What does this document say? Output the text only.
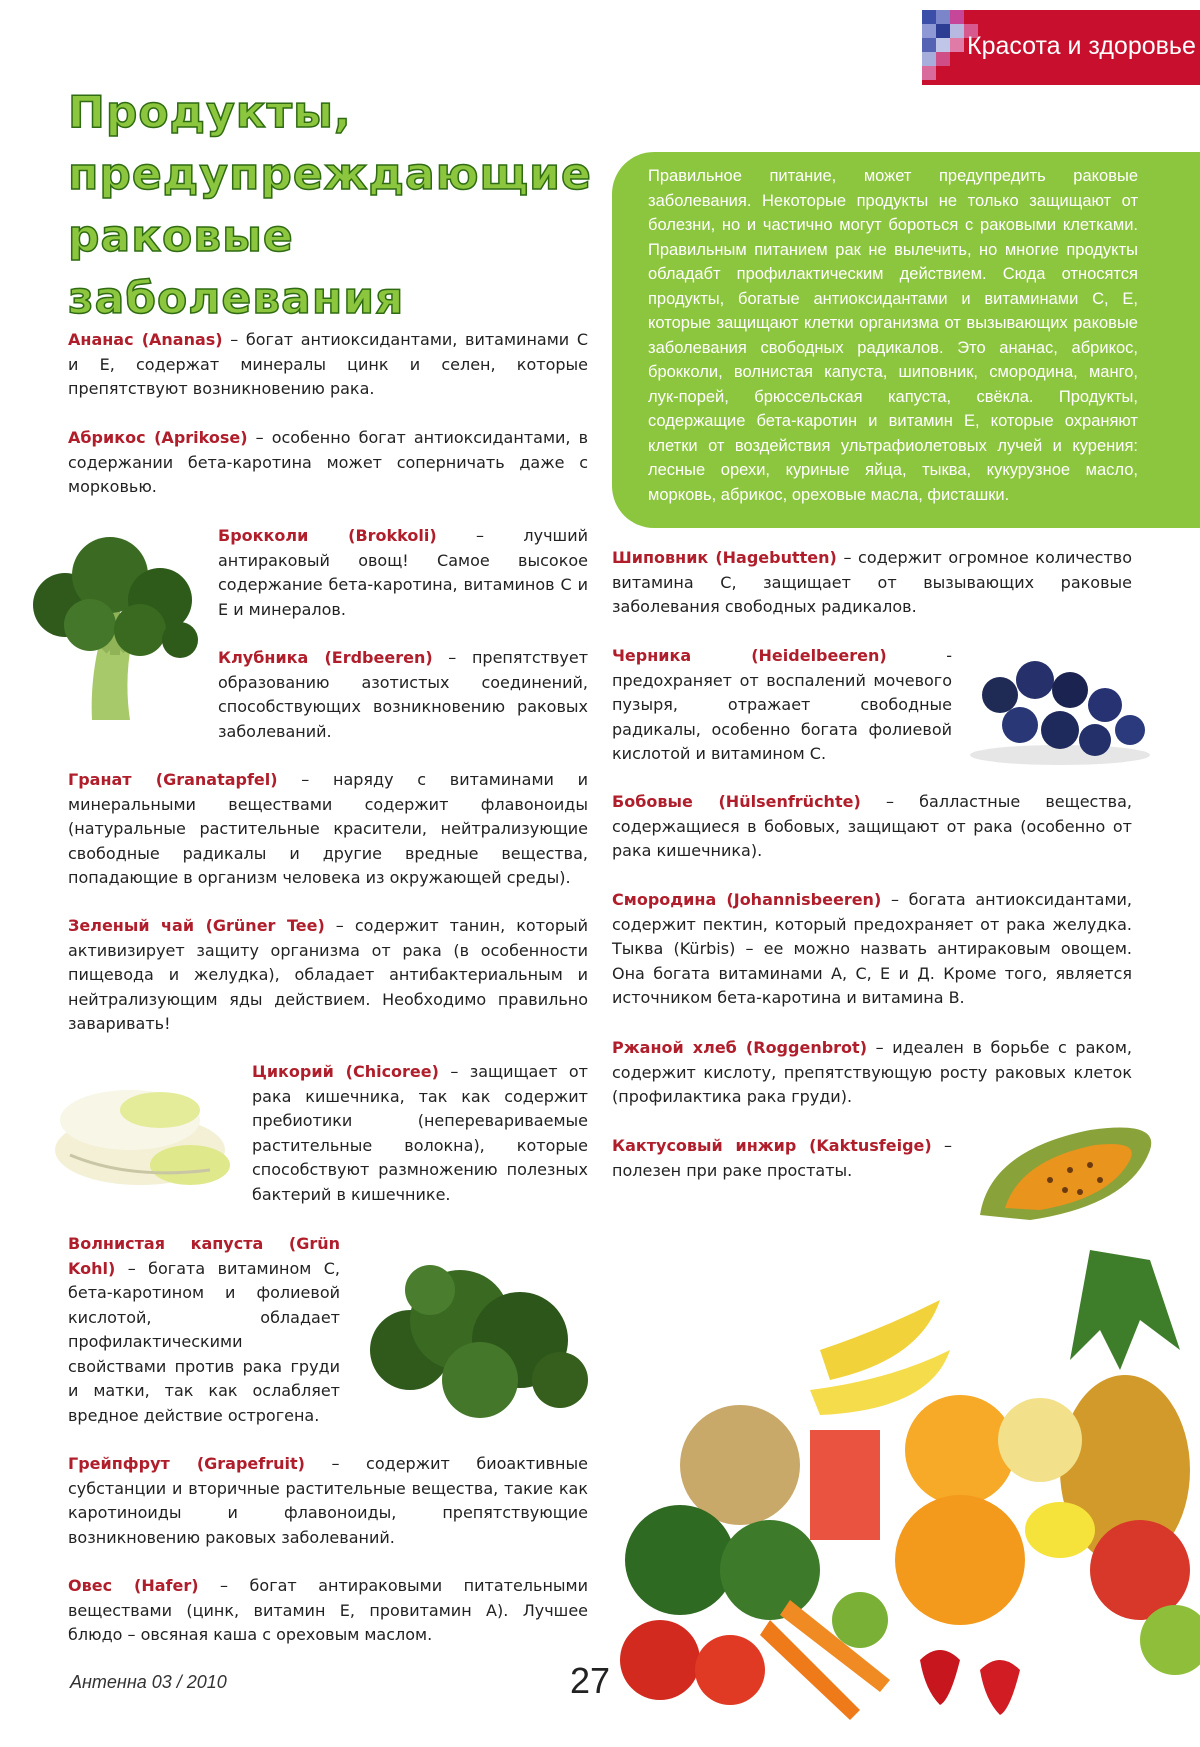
Красота и здоровье
Продукты,
предупреждающие
раковые
заболевания
Правильное питание, может предупредить раковые заболевания. Некоторые продукты не только защищают от болезни, но и частично могут бороться с раковыми клетками. Правильным питанием рак не вылечить, но многие продукты обладабт профилактическим действием. Сюда относятся продукты, богатые антиоксидантами и витаминами С, Е, которые защищают клетки организма от вызывающих раковые заболевания свободных радикалов. Это ананас, абрикос, брокколи, волнистая капуста, шиповник, смородина, манго, лук-порей, брюссельская капуста, свёкла. Продукты, содержащие бета-каротин и витамин Е, которые охраняют клетки от воздействия ультрафиолетовых лучей и курения: лесные орехи, куриные яйца, тыква, кукурузное масло, морковь, абрикос, ореховые масла, фисташки.
Ананас (Ananas) – богат антиоксидантами, витаминами С и Е, содержат минералы цинк и селен, которые препятствуют возникновению рака.
Абрикос (Aprikose) – особенно богат антиоксидантами, в содержании бета-каротина может соперничать даже с морковью.
Брокколи (Brokkoli) – лучший антираковый овощ! Самое высокое содержание бета-каротина, витаминов С и Е и минералов.
Клубника (Erdbeeren) – препятствует образованию азотистых соединений, способствующих возникновению раковых заболеваний.
Гранат (Granatapfel) – наряду с витаминами и минеральными веществами содержит флавоноиды (натуральные растительные красители, нейтрализующие свободные радикалы и другие вредные вещества, попадающие в организм человека из окружающей среды).
Зеленый чай (Grüner Tee) – содержит танин, который активизирует защиту организма от рака (в особенности пищевода и желудка), обладает антибактериальным и нейтрализующим яды действием. Необходимо правильно заваривать!
Цикорий (Chicoree) – защищает от рака кишечника, так как содержит пребиотики (неперевариваемые растительные волокна), которые способствуют размножению полезных бактерий в кишечнике.
Волнистая капуста (Grün Kohl) – богата витамином С, бета-каротином и фолиевой кислотой, обладает профилактическими свойствами против рака груди и матки, так как ослабляет вредное действие острогена.
Грейпфрут (Grapefruit) – содержит биоактивные субстанции и вторичные растительные вещества, такие как каротиноиды и флавоноиды, препятствующие возникновению раковых заболеваний.
Овес (Hafer) – богат антираковыми питательными веществами (цинк, витамин Е, провитамин А). Лучшее блюдо – овсяная каша с ореховым маслом.
Шиповник (Hagebutten) – содержит огромное количество витамина С, защищает от вызывающих раковые заболевания свободных радикалов.
Черника (Heidelbeeren) - предохраняет от воспалений мочевого пузыря, отражает свободные радикалы, особенно богата фолиевой кислотой и витамином С.
Бобовые (Hülsenfrüchte) – балластные вещества, содержащиеся в бобовых, защищают от рака (особенно от рака кишечника).
Смородина (Johannisbeeren) – богата антиоксидантами, содержит пектин, который предохраняет от рака желудка. Тыква (Kürbis) – ее можно назвать антираковым овощем. Она богата витаминами А, С, Е и Д. Кроме того, является источником бета-каротина и витамина В.
Ржаной хлеб (Roggenbrot) – идеален в борьбе с раком, содержит кислоту, препятствующую росту раковых клеток (профилактика рака груди).
Кактусовый инжир (Kaktusfeige) – полезен при раке простаты.
Антенна 03 / 2010	27
